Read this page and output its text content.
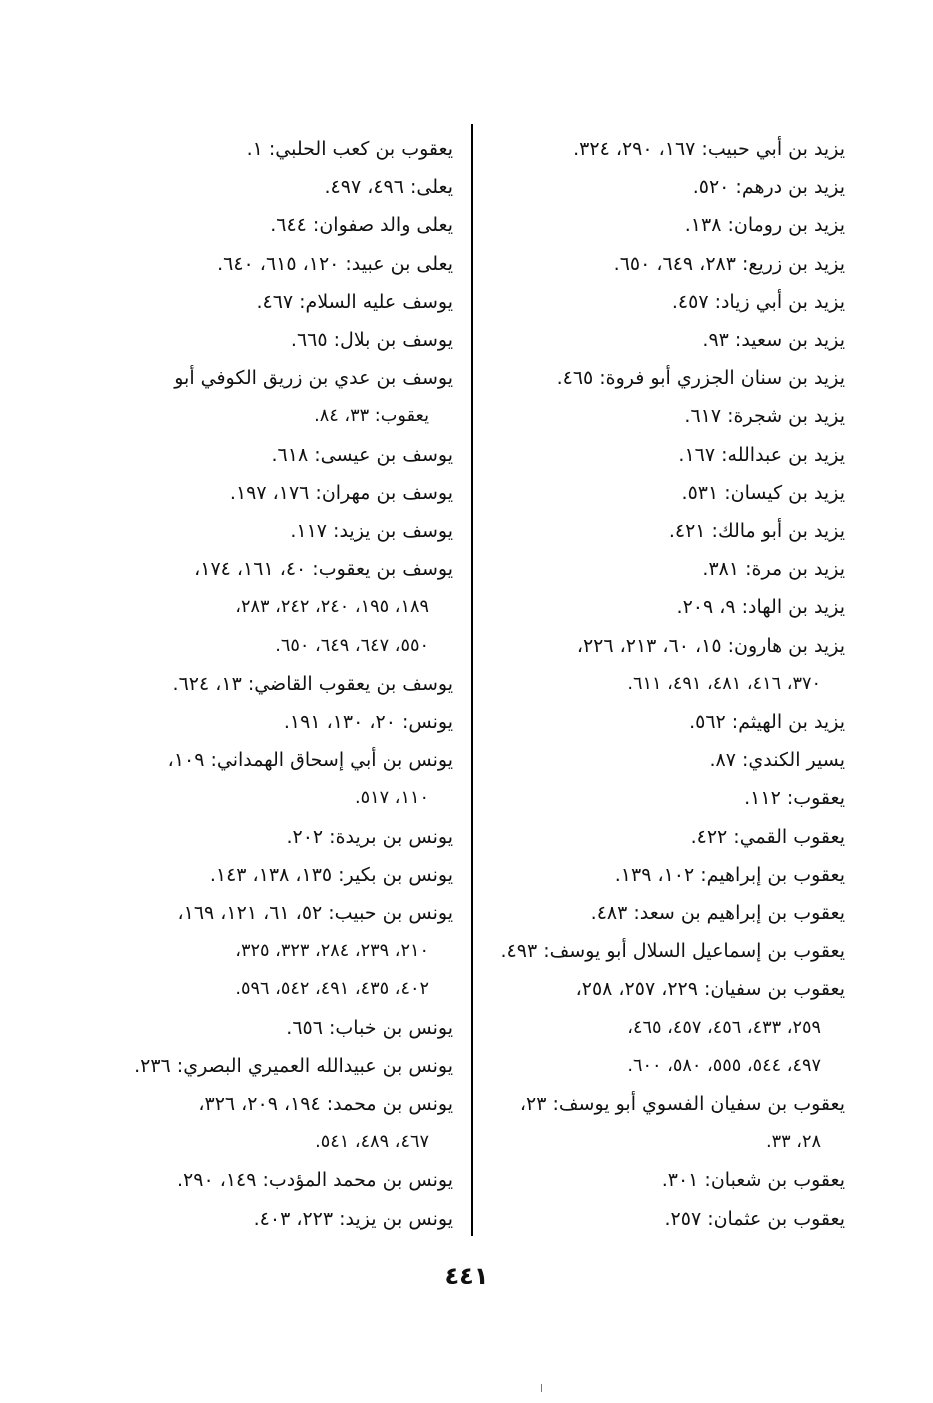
يزيد بن أبي حبيب: ١٦٧، ٢٩٠، ٣٢٤.

يزيد بن درهم: ٥٢٠.

يزيد بن رومان: ١٣٨.

يزيد بن زريع: ٢٨٣، ٦٤٩، ٦٥٠.

يزيد بن أبي زياد: ٤٥٧.

يزيد بن سعيد: ٩٣.

يزيد بن سنان الجزري أبو فروة: ٤٦٥.

يزيد بن شجرة: ٦١٧.

يزيد بن عبدالله: ١٦٧.

يزيد بن كيسان: ٥٣١.

يزيد بن أبو مالك: ٤٢١.

يزيد بن مرة: ٣٨١.

يزيد بن الهاد: ٩، ٢٠٩.

يزيد بن هارون: ١٥، ٦٠، ٢١٣، ٢٢٦،

٣٧٠، ٤١٦، ٤٨١، ٤٩١، ٦١١.

يزيد بن الهيثم: ٥٦٢.

يسير الكندي: ٨٧.

يعقوب: ١١٢.

يعقوب القمي: ٤٢٢.

يعقوب بن إبراهيم: ١٠٢، ١٣٩.

يعقوب بن إبراهيم بن سعد: ٤٨٣.

يعقوب بن إسماعيل السلال أبو يوسف: ٤٩٣.

يعقوب بن سفيان: ٢٢٩، ٢٥٧، ٢٥٨،

٢٥٩، ٤٣٣، ٤٥٦، ٤٥٧، ٤٦٥،

٤٩٧، ٥٤٤، ٥٥٥، ٥٨٠، ٦٠٠.

يعقوب بن سفيان الفسوي أبو يوسف: ٢٣،

٢٨، ٣٣.

يعقوب بن شعبان: ٣٠١.

يعقوب بن عثمان: ٢٥٧.

يعقوب بن كعب الحلبي: ١.

يعلى: ٤٩٦، ٤٩٧.

يعلى والد صفوان: ٦٤٤.

يعلى بن عبيد: ١٢٠، ٦١٥، ٦٤٠.

يوسف عليه السلام: ٤٦٧.

يوسف بن بلال: ٦٦٥.

يوسف بن عدي بن زريق الكوفي أبو

يعقوب: ٣٣، ٨٤.

يوسف بن عيسى: ٦١٨.

يوسف بن مهران: ١٧٦، ١٩٧.

يوسف بن يزيد: ١١٧.

يوسف بن يعقوب: ٤٠، ١٦١، ١٧٤،

١٨٩، ١٩٥، ٢٤٠، ٢٤٢، ٢٨٣،

٥٥٠، ٦٤٧، ٦٤٩، ٦٥٠.

يوسف بن يعقوب القاضي: ١٣، ٦٢٤.

يونس: ٢٠، ١٣٠، ١٩١.

يونس بن أبي إسحاق الهمداني: ١٠٩،

١١٠، ٥١٧.

يونس بن بريدة: ٢٠٢.

يونس بن بكير: ١٣٥، ١٣٨، ١٤٣.

يونس بن حبيب: ٥٢، ٦١، ١٢١، ١٦٩،

٢١٠، ٢٣٩، ٢٨٤، ٣٢٣، ٣٢٥،

٤٠٢، ٤٣٥، ٤٩١، ٥٤٢، ٥٩٦.

يونس بن خباب: ٦٥٦.

يونس بن عبيدالله العميري البصري: ٢٣٦.

يونس بن محمد: ١٩٤، ٢٠٩، ٣٢٦،

٤٦٧، ٤٨٩، ٥٤١.

يونس بن محمد المؤدب: ١٤٩، ٢٩٠.

يونس بن يزيد: ٢٢٣، ٤٠٣.

٤٤١
